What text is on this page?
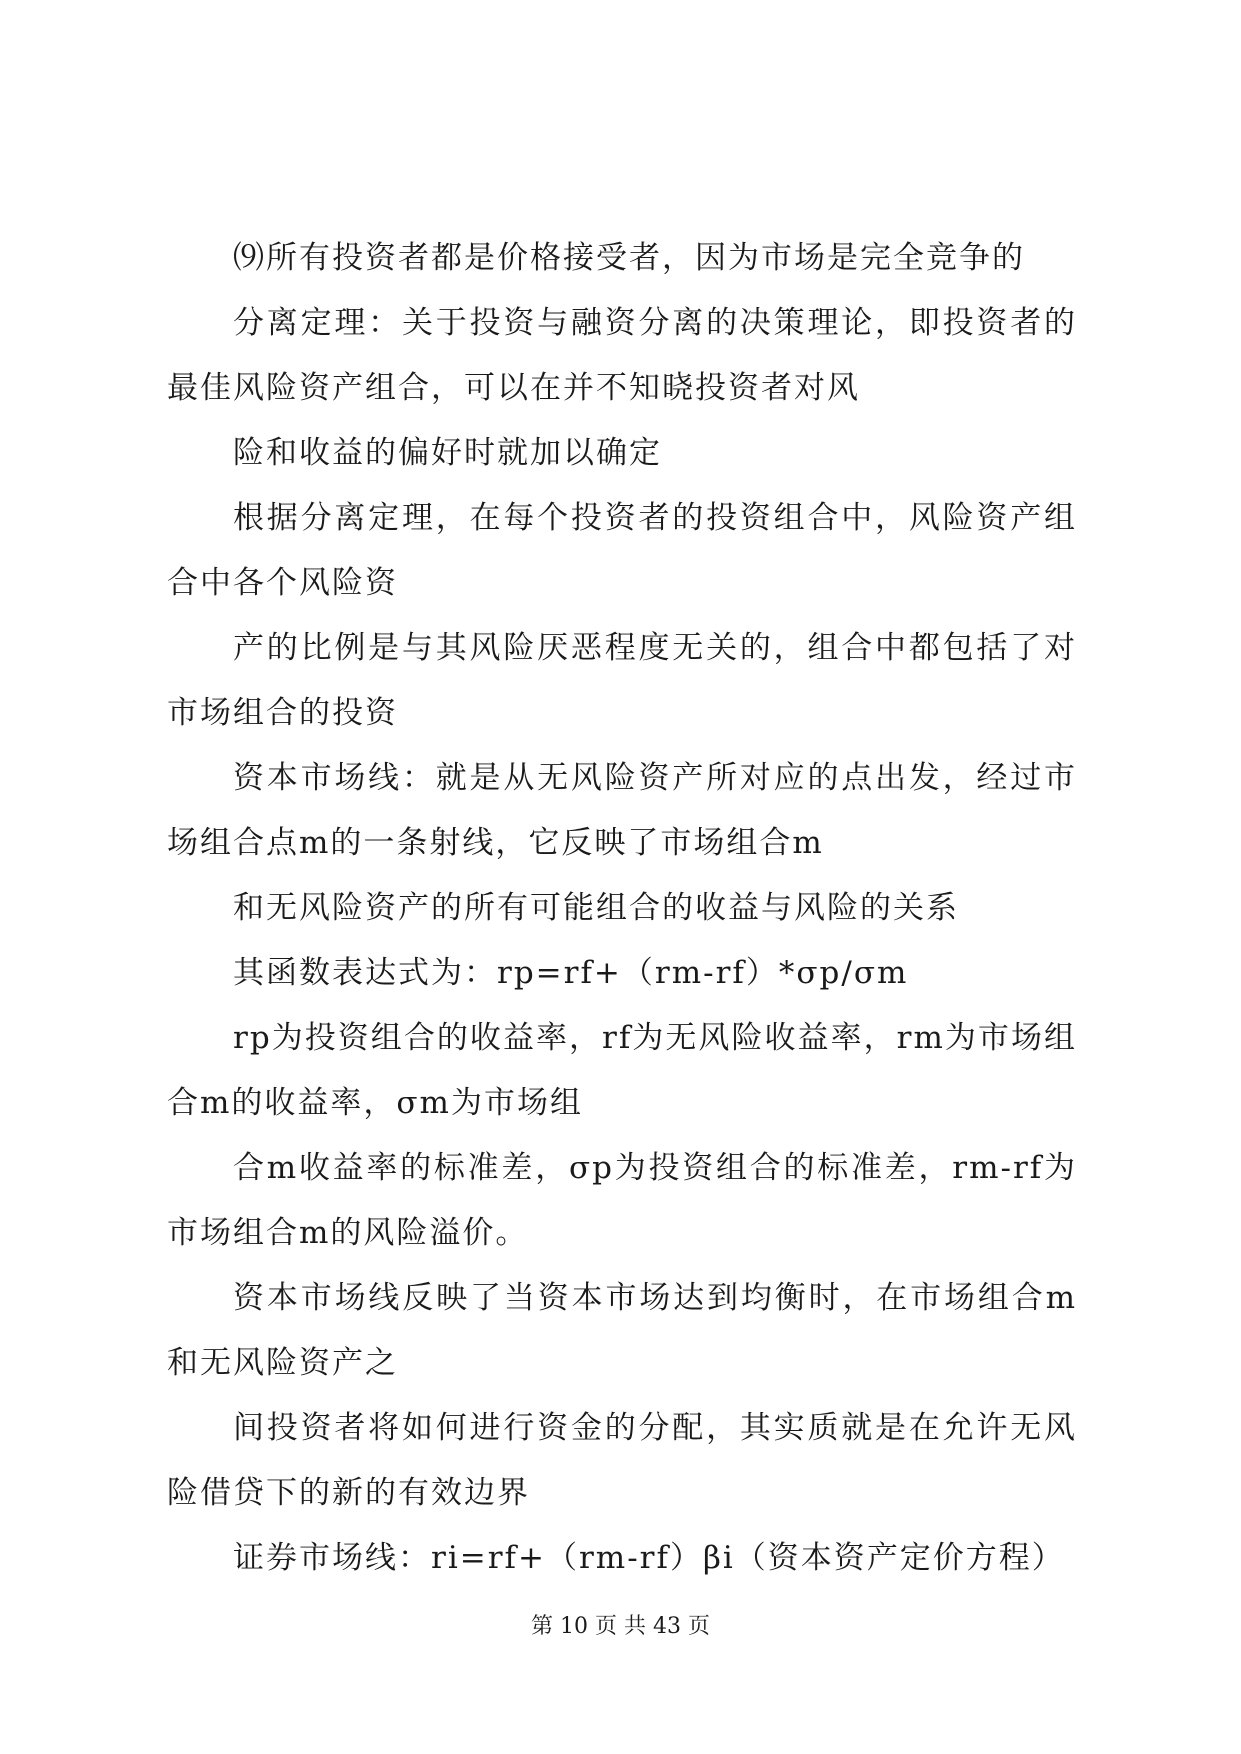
⑼所有投资者都是价格接受者，因为市场是完全竞争的

分离定理：关于投资与融资分离的决策理论，即投资者的最佳风险资产组合，可以在并不知晓投资者对风

险和收益的偏好时就加以确定

根据分离定理，在每个投资者的投资组合中，风险资产组合中各个风险资

产的比例是与其风险厌恶程度无关的，组合中都包括了对市场组合的投资

资本市场线：就是从无风险资产所对应的点出发，经过市场组合点m的一条射线，它反映了市场组合m

和无风险资产的所有可能组合的收益与风险的关系

其函数表达式为：rp=rf+（rm-rf）*σp/σm

rp为投资组合的收益率，rf为无风险收益率，rm为市场组合m的收益率，σm为市场组

合m收益率的标准差，σp为投资组合的标准差，rm-rf为市场组合m的风险溢价。

资本市场线反映了当资本市场达到均衡时，在市场组合m和无风险资产之

间投资者将如何进行资金的分配，其实质就是在允许无风险借贷下的新的有效边界

证券市场线：ri=rf+（rm-rf）βi（资本资产定价方程）

第 10 页 共 43 页
